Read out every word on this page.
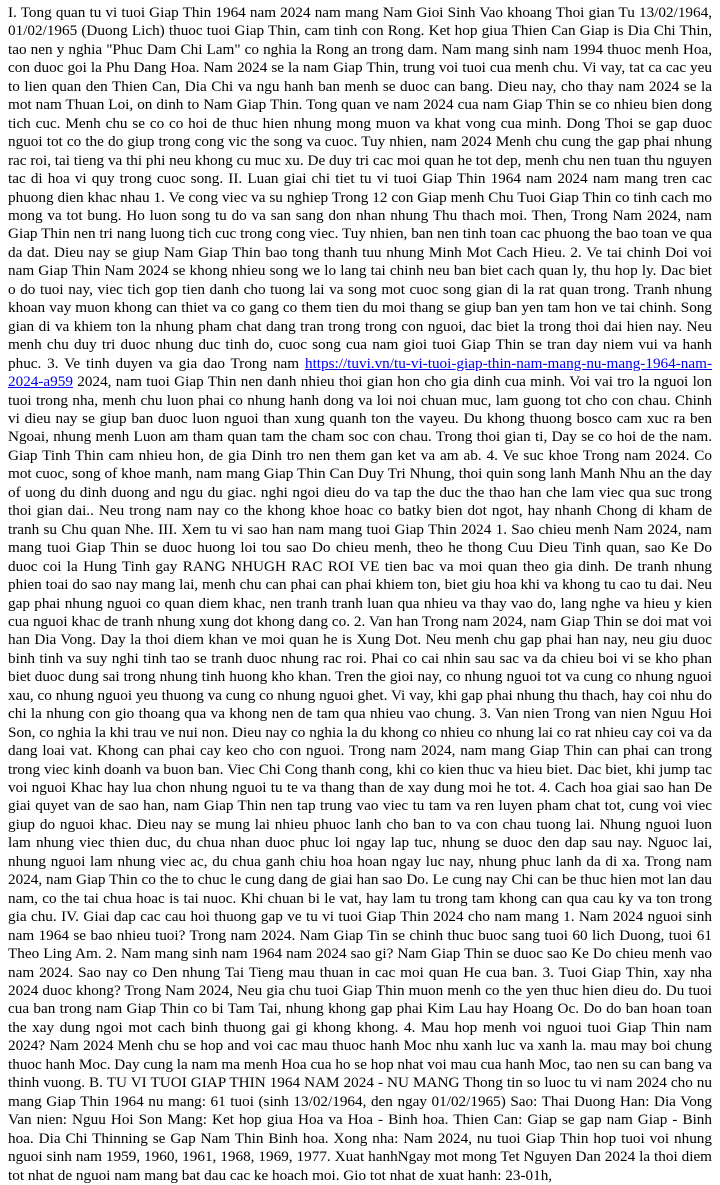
I. Tong quan tu vi tuoi Giap Thin 1964 nam 2024 nam mang Nam Gioi Sinh Vao khoang Thoi gian Tu 13/02/1964, 01/02/1965 (Duong Lich) thuoc tuoi Giap Thin, cam tinh con Rong. Ket hop giua Thien Can Giap is Dia Chi Thin, tao nen y nghia "Phuc Dam Chi Lam" co nghia la Rong an trong dam. Nam mang sinh nam 1994 thuoc menh Hoa, con duoc goi la Phu Dang Hoa. Nam 2024 se la nam Giap Thin, trung voi tuoi cua menh chu. Vi vay, tat ca cac yeu to lien quan den Thien Can, Dia Chi va ngu hanh ban menh se duoc can bang. Dieu nay, cho thay nam 2024 se la mot nam Thuan Loi, on dinh to Nam Giap Thin. Tong quan ve nam 2024 cua nam Giap Thin se co nhieu bien dong tich cuc. Menh chu se co co hoi de thuc hien nhung mong muon va khat vong cua minh. Dong Thoi se gap duoc nguoi tot co the do giup trong cong vic the song va cuoc. Tuy nhien, nam 2024 Menh chu cung the gap phai nhung rac roi, tai tieng va thi phi neu khong cu muc xu. De duy tri cac moi quan he tot dep, menh chu nen tuan thu nguyen tac di hoa vi quy trong cuoc song. II. Luan giai chi tiet tu vi tuoi Giap Thin 1964 nam 2024 nam mang tren cac phuong dien khac nhau 1. Ve cong viec va su nghiep Trong 12 con Giap menh Chu Tuoi Giap Thin co tinh cach mo mong va tot bung. Ho luon song tu do va san sang don nhan nhung Thu thach moi. Then, Trong Nam 2024, nam Giap Thin nen tri nang luong tich cuc trong cong viec. Tuy nhien, ban nen tinh toan cac phuong the bao toan ve qua da dat. Dieu nay se giup Nam Giap Thin bao tong thanh tuu nhung Minh Mot Cach Hieu. 2. Ve tai chinh Doi voi nam Giap Thin Nam 2024 se khong nhieu song we lo lang tai chinh neu ban biet cach quan ly, thu hop ly. Dac biet o do tuoi nay, viec tich gop tien danh cho tuong lai va song mot cuoc song gian di la rat quan trong. Tranh nhung khoan vay muon khong can thiet va co gang co them tien du moi thang se giup ban yen tam hon ve tai chinh. Song gian di va khiem ton la nhung pham chat dang tran trong trong con nguoi, dac biet la trong thoi dai hien nay. Neu menh chu duy tri duoc nhung duc tinh do, cuoc song cua nam gioi tuoi Giap Thin se tran day niem vui va hanh phuc. 3. Ve tinh duyen va gia dao Trong nam https://tuvi.vn/tu-vi-tuoi-giap-thin-nam-mang-nu-mang-1964-nam-2024-a959 2024, nam tuoi Giap Thin nen danh nhieu thoi gian hon cho gia dinh cua minh. Voi vai tro la nguoi lon tuoi trong nha, menh chu luon phai co nhung hanh dong va loi noi chuan muc, lam guong tot cho con chau. Chinh vi dieu nay se giup ban duoc luon nguoi than xung quanh ton the vayeu. Du khong thuong bosco cam xuc ra ben Ngoai, nhung menh Luon am tham quan tam the cham soc con chau. Trong thoi gian ti, Day se co hoi de the nam. Giap Tinh Thin cam nhieu hon, de gia Dinh tro nen them gan ket va am ab. 4. Ve suc khoe Trong nam 2024. Co mot cuoc, song of khoe manh, nam mang Giap Thin Can Duy Tri Nhung, thoi quin song lanh Manh Nhu an the day of uong du dinh duong and ngu du giac. nghi ngoi dieu do va tap the duc the thao han che lam viec qua suc trong thoi gian dai.. Neu trong nam nay co the khong khoe hoac co batky bien dot ngot, hay nhanh Chong di kham de tranh su Chu quan Nhe. III. Xem tu vi sao han nam mang tuoi Giap Thin 2024 1. Sao chieu menh Nam 2024, nam mang tuoi Giap Thin se duoc huong loi tou sao Do chieu menh, theo he thong Cuu Dieu Tinh quan, sao Ke Do duoc coi la Hung Tinh gay RANG NHUGH RAC ROI VE tien bac va moi quan theo gia dinh. De tranh nhung phien toai do sao nay mang lai, menh chu can phai can phai khiem ton, biet giu hoa khi va khong tu cao tu dai. Neu gap phai nhung nguoi co quan diem khac, nen tranh tranh luan qua nhieu va thay vao do, lang nghe va hieu y kien cua nguoi khac de tranh nhung xung dot khong dang co. 2. Van han Trong nam 2024, nam Giap Thin se doi mat voi han Dia Vong. Day la thoi diem khan ve moi quan he is Xung Dot. Neu menh chu gap phai han nay, neu giu duoc binh tinh va suy nghi tinh tao se tranh duoc nhung rac roi. Phai co cai nhin sau sac va da chieu boi vi se kho phan biet duoc dung sai trong nhung tinh huong kho khan. Tren the gioi nay, co nhung nguoi tot va cung co nhung nguoi xau, co nhung nguoi yeu thuong va cung co nhung nguoi ghet. Vi vay, khi gap phai nhung thu thach, hay coi nhu do chi la nhung con gio thoang qua va khong nen de tam qua nhieu vao chung. 3. Van nien Trong van nien Nguu Hoi Son, co nghia la khi trau ve nui non. Dieu nay co nghia la du khong co nhieu co nhung lai co rat nhieu cay coi va da dang loai vat. Khong can phai cay keo cho con nguoi. Trong nam 2024, nam mang Giap Thin can phai can trong trong viec kinh doanh va buon ban. Viec Chi Cong thanh cong, khi co kien thuc va hieu biet. Dac biet, khi jump tac voi nguoi Khac hay lua chon nhung nguoi tu te va thang than de xay dung moi he tot. 4. Cach hoa giai sao han De giai quyet van de sao han, nam Giap Thin nen tap trung vao viec tu tam va ren luyen pham chat tot, cung voi viec giup do nguoi khac. Dieu nay se mung lai nhieu phuoc lanh cho ban to va con chau tuong lai. Nhung nguoi luon lam nhung viec thien duc, du chua nhan duoc phuc loi ngay lap tuc, nhung se duoc den dap sau nay. Nguoc lai, nhung nguoi lam nhung viec ac, du chua ganh chiu hoa hoan ngay luc nay, nhung phuc lanh da di xa. Trong nam 2024, nam Giap Thin co the to chuc le cung dang de giai han sao Do. Le cung nay Chi can be thuc hien mot lan dau nam, co the tai chua hoac is tai nuoc. Khi chuan bi le vat, hay lam tu trong tam khong can qua cau ky va ton trong gia chu. IV. Giai dap cac cau hoi thuong gap ve tu vi tuoi Giap Thin 2024 cho nam mang 1. Nam 2024 nguoi sinh nam 1964 se bao nhieu tuoi? Trong nam 2024. Nam Giap Tin se chinh thuc buoc sang tuoi 60 lich Duong, tuoi 61 Theo Ling Am. 2. Nam mang sinh nam 1964 nam 2024 sao gi? Nam Giap Thin se duoc sao Ke Do chieu menh vao nam 2024. Sao nay co Den nhung Tai Tieng mau thuan in cac moi quan He cua ban. 3. Tuoi Giap Thin, xay nha 2024 duoc khong? Trong Nam 2024, Neu gia chu tuoi Giap Thin muon menh co the yen thuc hien dieu do. Du tuoi cua ban trong nam Giap Thin co bi Tam Tai, nhung khong gap phai Kim Lau hay Hoang Oc. Do do ban hoan toan the xay dung ngoi mot cach binh thuong gai gi khong khong. 4. Mau hop menh voi nguoi tuoi Giap Thin nam 2024? Nam 2024 Menh chu se hop and voi cac mau thuoc hanh Moc nhu xanh luc va xanh la. mau may boi chung thuoc hanh Moc. Day cung la nam ma menh Hoa cua ho se hop nhat voi mau cua hanh Moc, tao nen su can bang va thinh vuong. B. TU VI TUOI GIAP THIN 1964 NAM 2024 - NU MANG Thong tin so luoc tu vi nam 2024 cho nu mang Giap Thin 1964 nu mang: 61 tuoi (sinh 13/02/1964, den ngay 01/02/1965) Sao: Thai Duong Han: Dia Vong Van nien: Nguu Hoi Son Mang: Ket hop giua Hoa va Hoa - Binh hoa. Thien Can: Giap se gap nam Giap - Binh hoa. Dia Chi Thinning se Gap Nam Thin Binh hoa. Xong nha: Nam 2024, nu tuoi Giap Thin hop tuoi voi nhung nguoi sinh nam 1959, 1960, 1961, 1968, 1969, 1977. Xuat hanhNgay mot mong Tet Nguyen Dan 2024 la thoi diem tot nhat de nguoi nam mang bat dau cac ke hoach moi. Gio tot nhat de xuat hanh: 23-01h,
